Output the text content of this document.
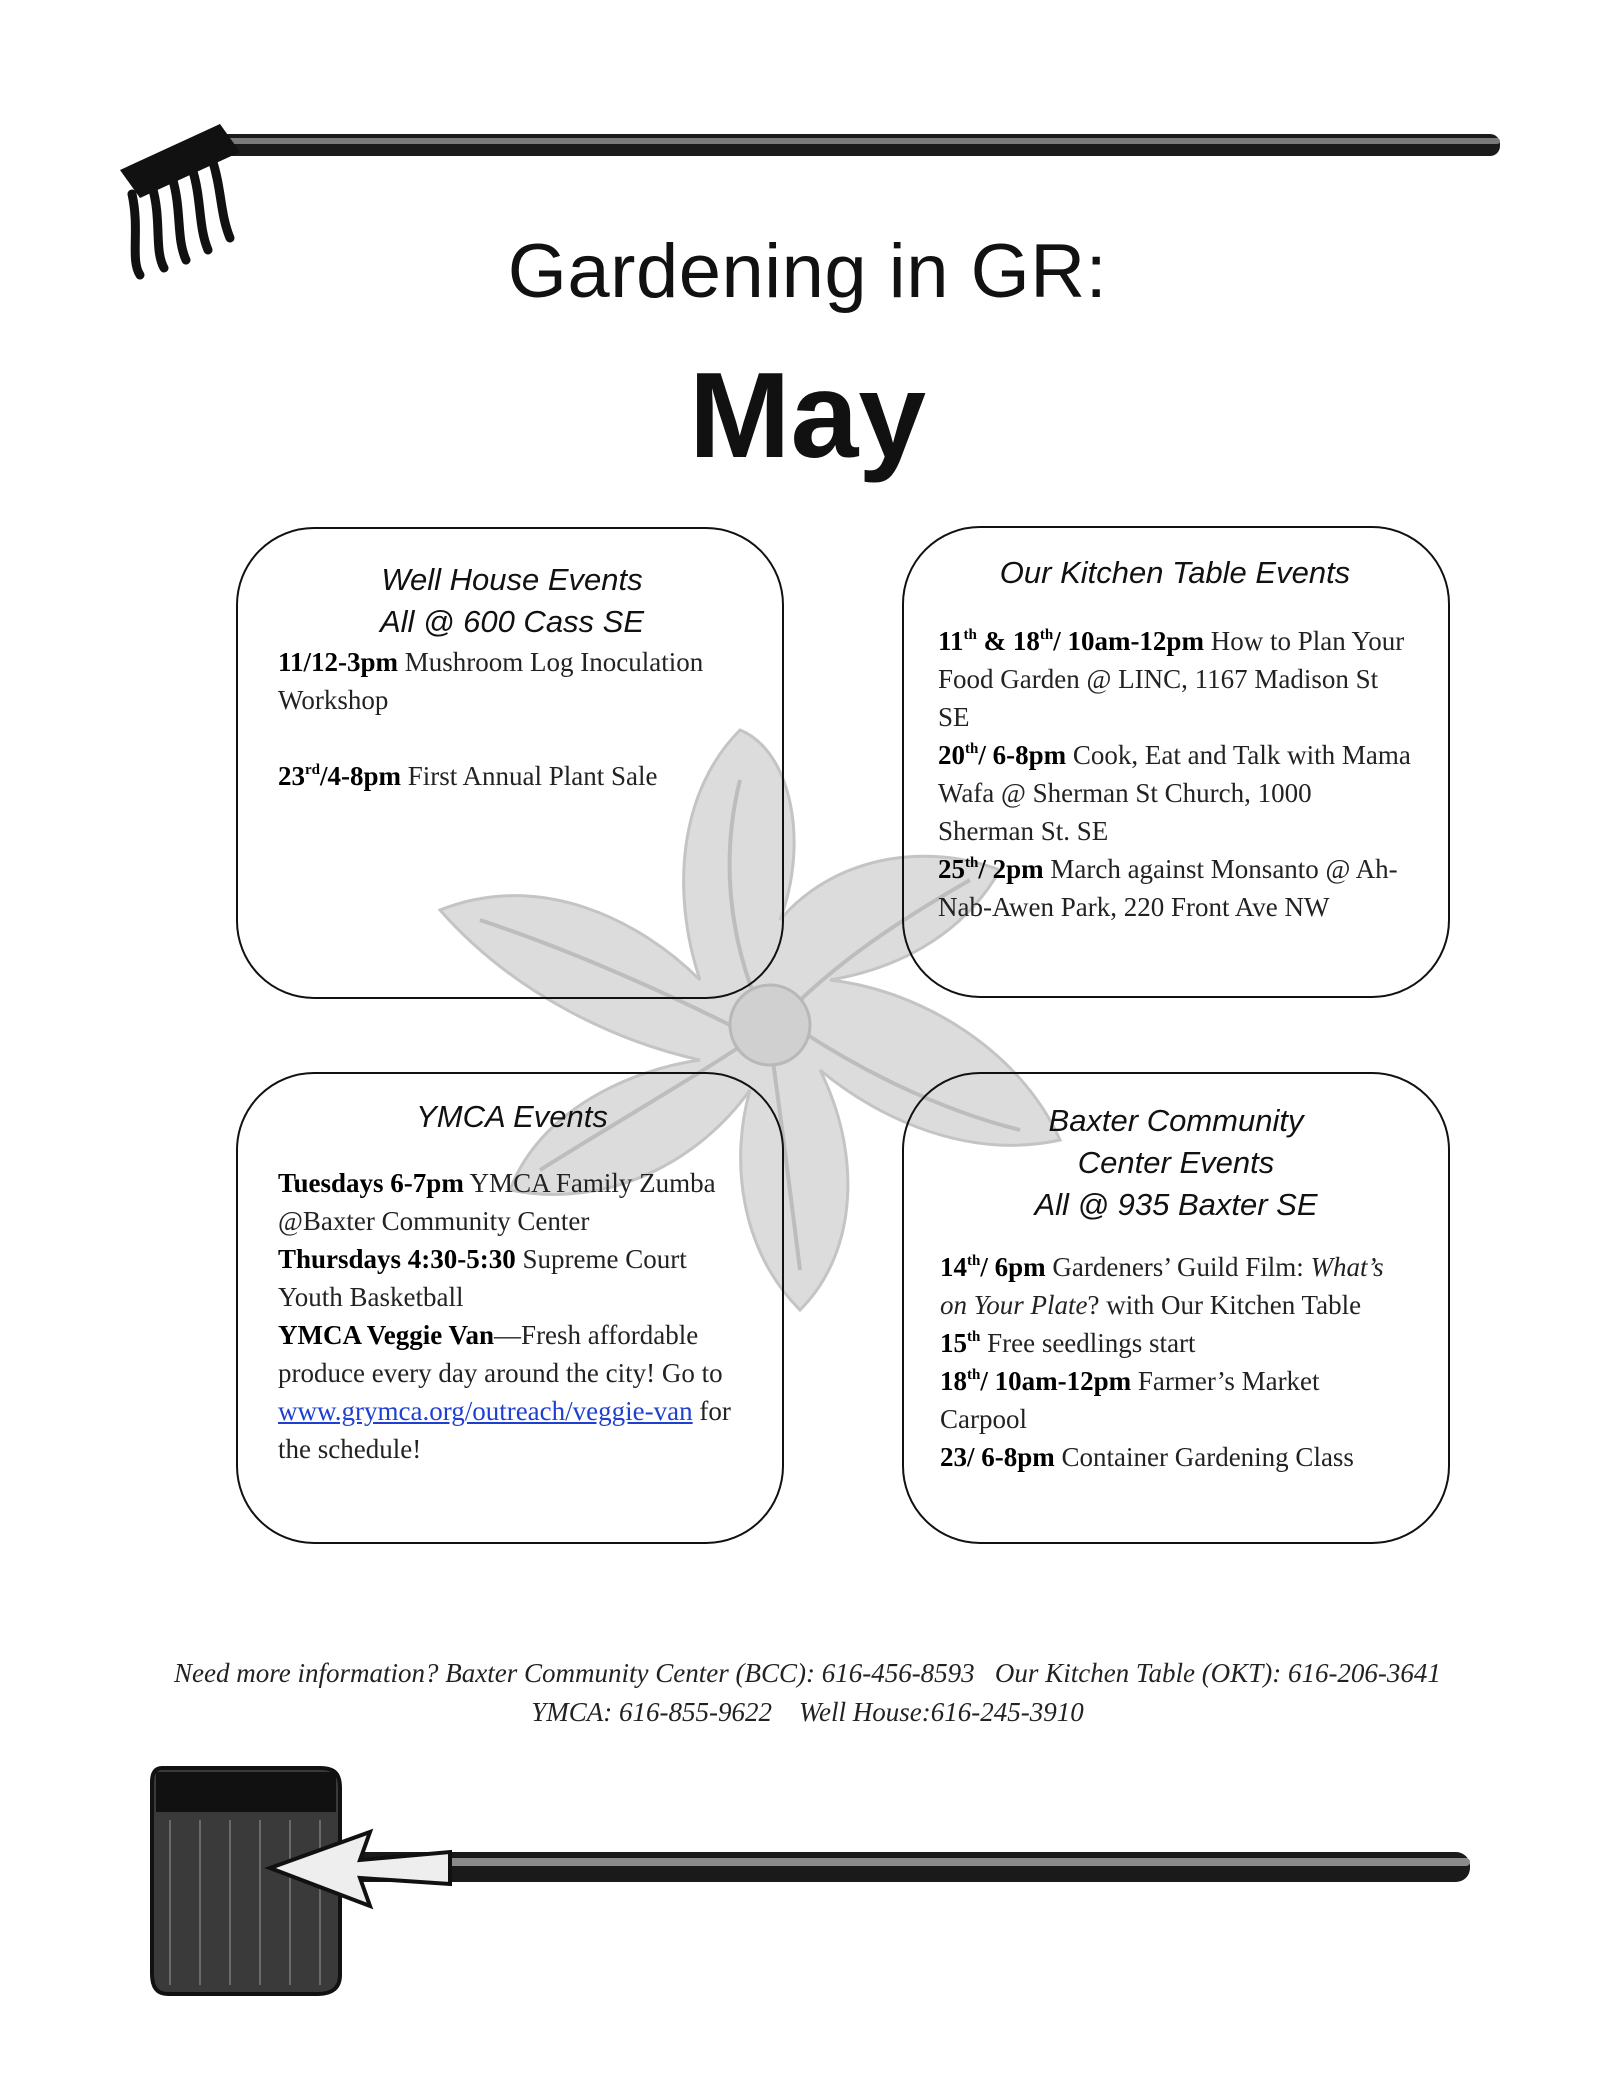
Gardening in GR:
May

Well House Events

All @ 600 Cass SE

11/12-3pm Mushroom Log Inoculation Workshop

23rd/4-8pm First Annual Plant Sale

Our Kitchen Table Events

11th & 18th/ 10am-12pm How to Plan Your Food Garden @ LINC, 1167 Madison St SE

20th/ 6-8pm Cook, Eat and Talk with Mama Wafa @ Sherman St Church, 1000 Sherman St. SE

25th/ 2pm March against Monsanto @ Ah-Nab-Awen Park, 220 Front Ave NW

YMCA Events

Tuesdays 6-7pm YMCA Family Zumba @Baxter Community Center

Thursdays 4:30-5:30 Supreme Court Youth Basketball

YMCA Veggie Van—Fresh affordable produce every day around the city! Go to www.grymca.org/outreach/veggie-van for the schedule!

Baxter Community Center Events

All @ 935 Baxter SE

14th/ 6pm Gardeners’ Guild Film: What’s on Your Plate? with Our Kitchen Table

15th Free seedlings start

18th/ 10am-12pm Farmer’s Market Carpool

23/ 6-8pm Container Gardening Class

Need more information? Baxter Community Center (BCC): 616-456-8593   Our Kitchen Table (OKT): 616-206-3641

YMCA: 616-855-9622    Well House:616-245-3910
